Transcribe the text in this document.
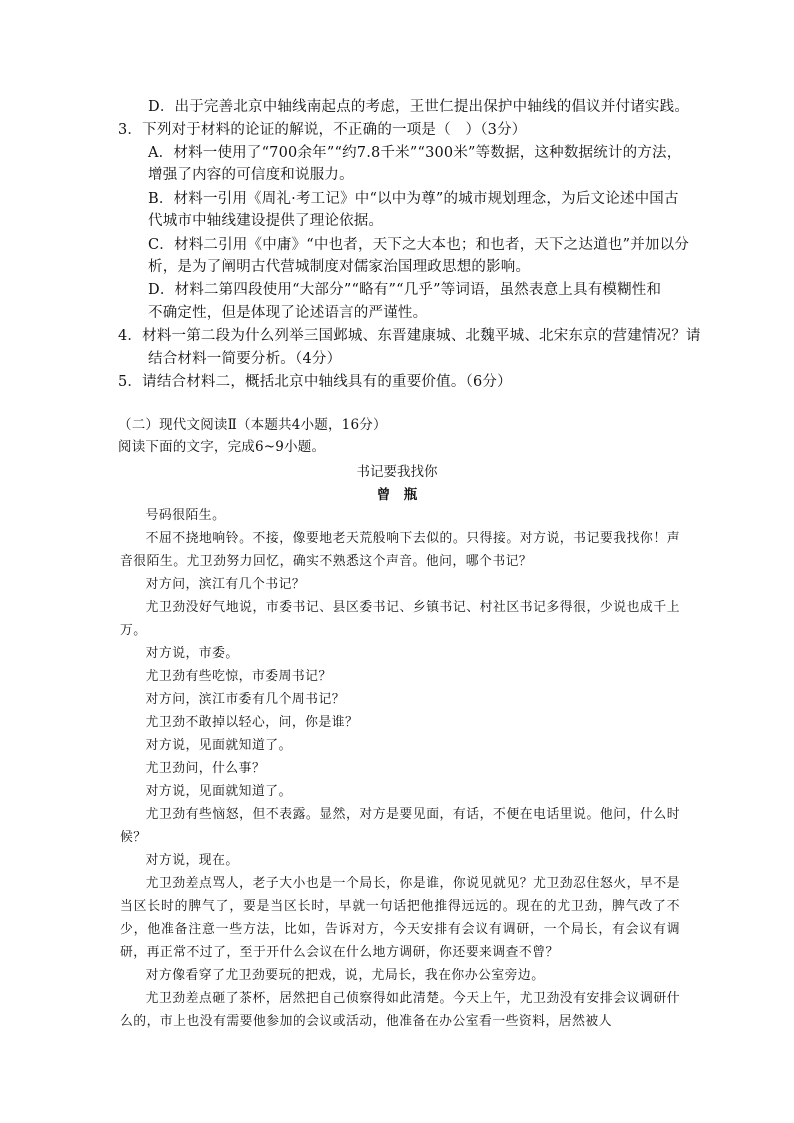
D．出于完善北京中轴线南起点的考虑，王世仁提出保护中轴线的倡议并付诸实践。
3．下列对于材料的论证的解说，不正确的一项是（　）（3分）
A．材料一使用了“700余年”“约7.8千米”“300米”等数据，这种数据统计的方法，
增强了内容的可信度和说服力。
B．材料一引用《周礼·考工记》中“以中为尊”的城市规划理念，为后文论述中国古
代城市中轴线建设提供了理论依据。
C．材料二引用《中庸》“中也者，天下之大本也；和也者，天下之达道也”并加以分
析，是为了阐明古代营城制度对儒家治国理政思想的影响。
D．材料二第四段使用“大部分”“略有”“几乎”等词语，虽然表意上具有模糊性和
不确定性，但是体现了论述语言的严谨性。
4．材料一第二段为什么列举三国邺城、东晋建康城、北魏平城、北宋东京的营建情况？请
结合材料一简要分析。（4分）
5．请结合材料二，概括北京中轴线具有的重要价值。（6分）
（二）现代文阅读Ⅱ（本题共4小题，16分）
阅读下面的文字，完成6~9小题。
书记要我找你
曾　瓶

号码很陌生。

不屈不挠地响铃。不接，像要地老天荒般响下去似的。只得接。对方说，书记要我找你！声音很陌生。尤卫劲努力回忆，确实不熟悉这个声音。他问，哪个书记？

对方问，滨江有几个书记？

尤卫劲没好气地说，市委书记、县区委书记、乡镇书记、村社区书记多得很，少说也成千上万。

对方说，市委。

尤卫劲有些吃惊，市委周书记？

对方问，滨江市委有几个周书记？

尤卫劲不敢掉以轻心，问，你是谁？

对方说，见面就知道了。

尤卫劲问，什么事？

对方说，见面就知道了。

尤卫劲有些恼怒，但不表露。显然，对方是要见面，有话，不便在电话里说。他问，什么时候？

对方说，现在。

尤卫劲差点骂人，老子大小也是一个局长，你是谁，你说见就见？尤卫劲忍住怒火，早不是当区长时的脾气了，要是当区长时，早就一句话把他推得远远的。现在的尤卫劲，脾气改了不少，他准备注意一些方法，比如，告诉对方，今天安排有会议有调研，一个局长，有会议有调研，再正常不过了，至于开什么会议在什么地方调研，你还要来调查不曾？

对方像看穿了尤卫劲要玩的把戏，说，尤局长，我在你办公室旁边。

尤卫劲差点砸了茶杯，居然把自己侦察得如此清楚。今天上午，尤卫劲没有安排会议调研什么的，市上也没有需要他参加的会议或活动，他准备在办公室看一些资料，居然被人
